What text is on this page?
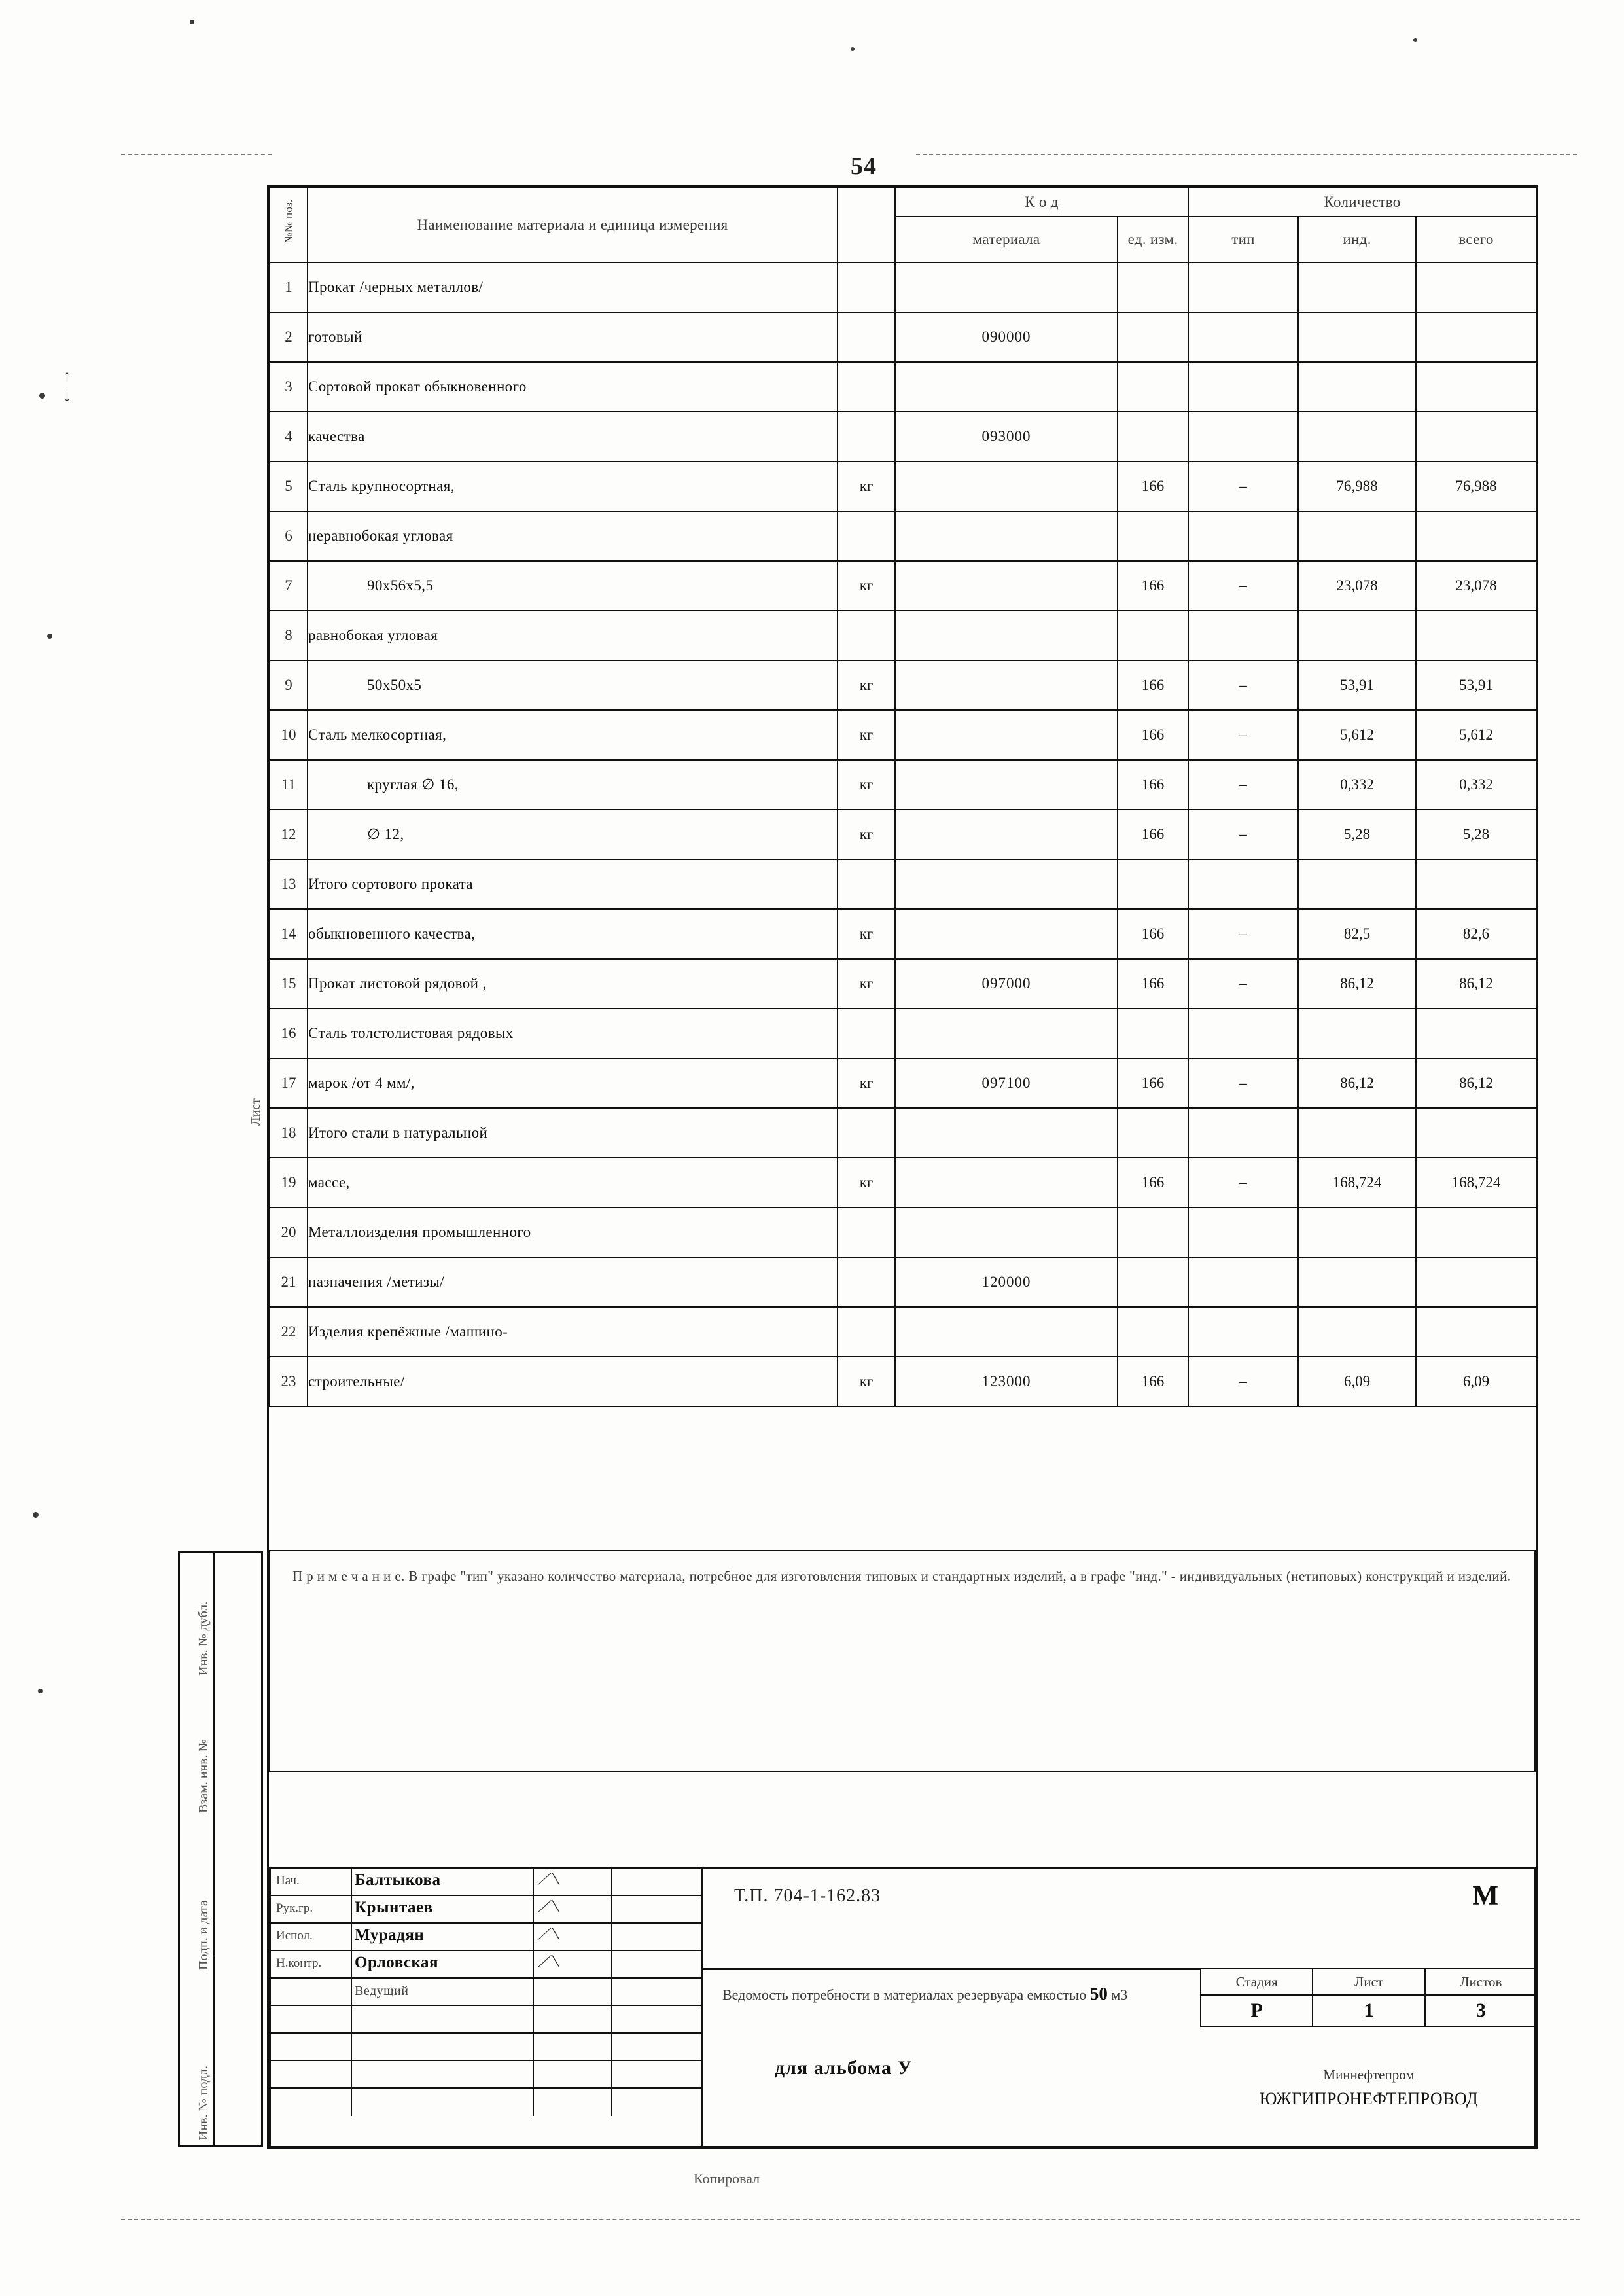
54
↑
↓
Инв. № подл.
Подп. и дата
Взам. инв. №
Инв. № дубл.
Лист
№№ поз.	Наименование материала и единица измерения		К о д		Количество		
			материала	ед. изм.	тип	инд.	всего
1	Прокат /черных металлов/						
2	готовый		090000				
3	Сортовой прокат обыкновенного						
4	качества		093000				
5	Сталь крупносортная,	кг		166	–	76,988	76,988
6	неравнобокая угловая						
7	90х56х5,5	кг		166	–	23,078	23,078
8	равнобокая угловая						
9	50х50х5	кг		166	–	53,91	53,91
10	Сталь мелкосортная,	кг		166	–	5,612	5,612
11	круглая ∅ 16,	кг		166	–	0,332	0,332
12	∅ 12,	кг		166	–	5,28	5,28
13	Итого сортового проката						
14	обыкновенного качества,	кг		166	–	82,5	82,6
15	Прокат листовой рядовой ,	кг	097000	166	–	86,12	86,12
16	Сталь толстолистовая рядовых						
17	марок /от 4 мм/,	кг	097100	166	–	86,12	86,12
18	Итого стали в натуральной						
19	массе,	кг		166	–	168,724	168,724
20	Металлоизделия промышленного						
21	назначения /метизы/		120000				
22	Изделия крепёжные /машино-						
23	строительные/	кг	123000	166	–	6,09	6,09

П р и м е ч а н и е. В графе "тип" указано количество материала, потребное для изготовления типовых и стандартных изделий, а в графе "инд." - индивидуальных (нетиповых) конструкций и изделий.

Нач.	Балтыкова	⟋⟍
Рук.гр.	Крынтаев	⟋⟍
Испол.	Мурадян	⟋⟍
Н.контр.	Орловская	⟋⟍
Ведущий
Т.П. 704-1-162.83
Ведомость потребности в материалах резервуара емкостью 50 м3
для альбома У
М
Стадия	Лист	Листов
Р	1	3
Миннефтепром
ЮЖГИПРОНЕФТЕПРОВОД
Копировал
